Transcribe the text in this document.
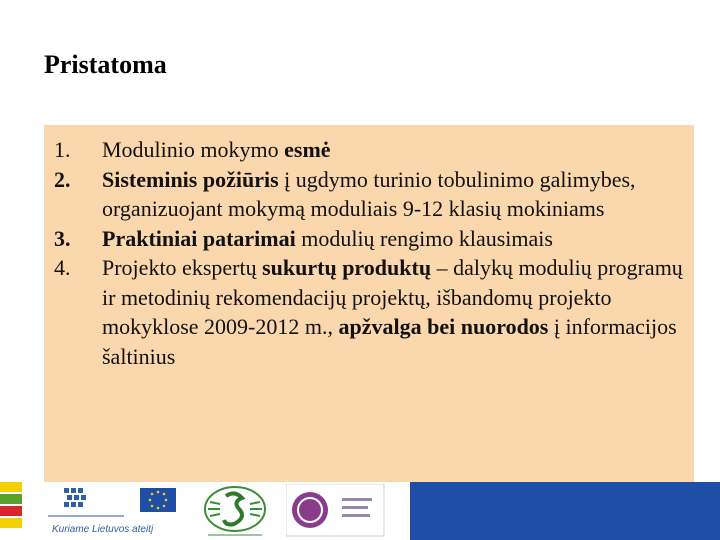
Pristatoma
1. Modulinio mokymo esmė
2. Sisteminis požiūris į ugdymo turinio tobulinimo galimybes, organizuojant mokymą moduliais 9-12 klasių mokiniams
3. Praktiniai patarimai modulių rengimo klausimais
4. Projekto ekspertų sukurtų produktų – dalykų modulių programų ir metodinių rekomendacijų projektų, išbandomų projekto mokyklose 2009-2012 m., apžvalga bei nuorodos į informacijos šaltinius
Kuriame Lietuvos ateitį
